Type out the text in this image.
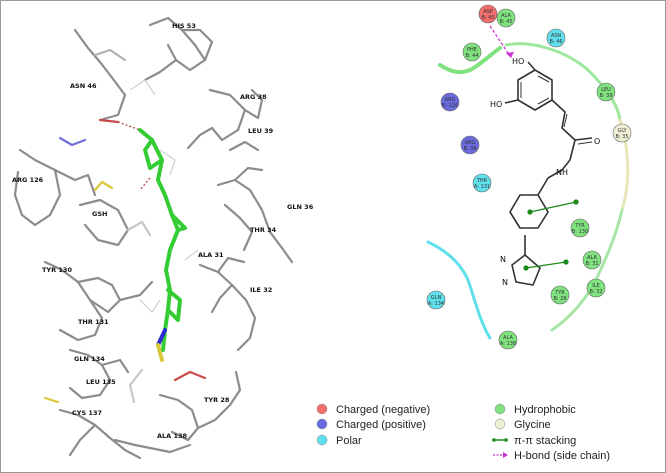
HIS 53
ASN 46
ARG 38
LEU 39
ARG 126
GSH
GLN 36
THR 34
ALA 31
TYR 130
ILE 32
THR 131
GLN 134
LEU 135
CYS 137
TYR 28
ALA 138
HO
HO
O
NH
N
N
ASP
B: 45 ALA
B: 45
ASN
B: 46
PHE
B: 44
LEU
B: 39
ARG
B: 126
GLY
B: 35
ARG
B: 38
THR
A: 131
TYR
B: 130
ALA
B: 31
ILE
B: 32
GLN
A: 134
TYR
B: 28
ALA
A: 138
Charged (negative)
Charged (positive)
Polar
Hydrophobic
Glycine
π-π stacking
H-bond (side chain)
